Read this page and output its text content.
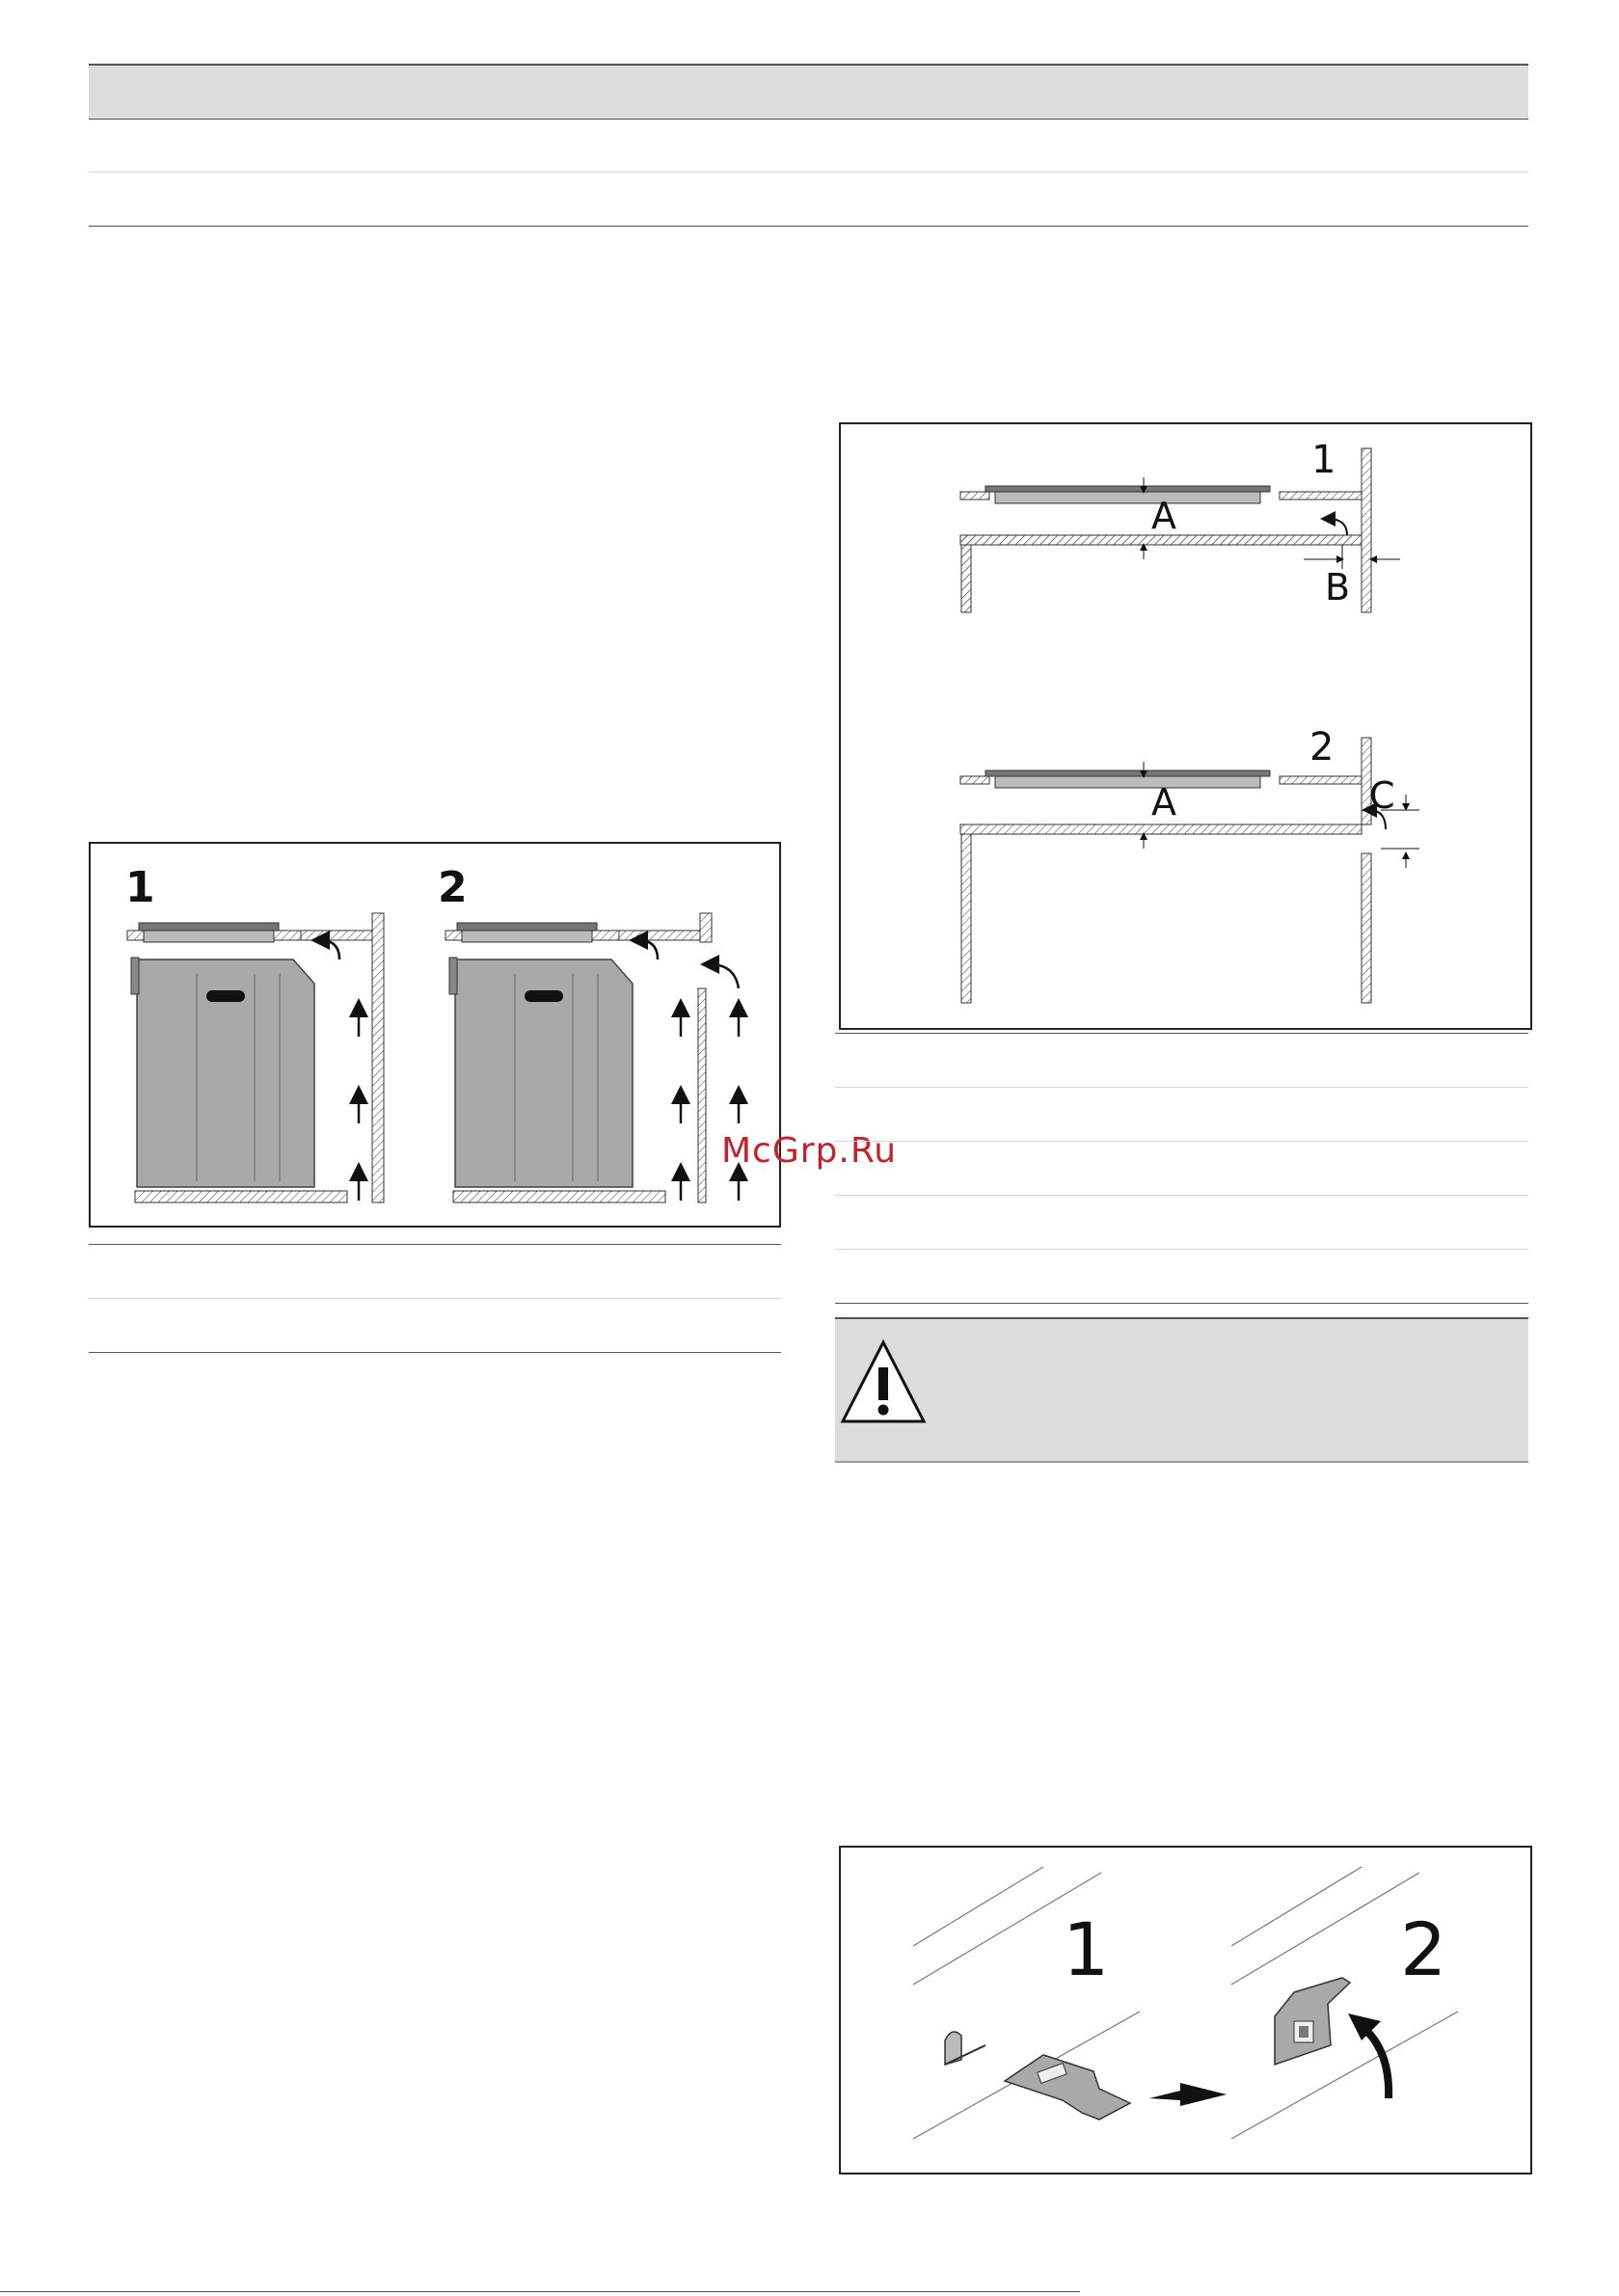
1	2
McGrp.Ru
1
2
A
B
A	C
1	2
